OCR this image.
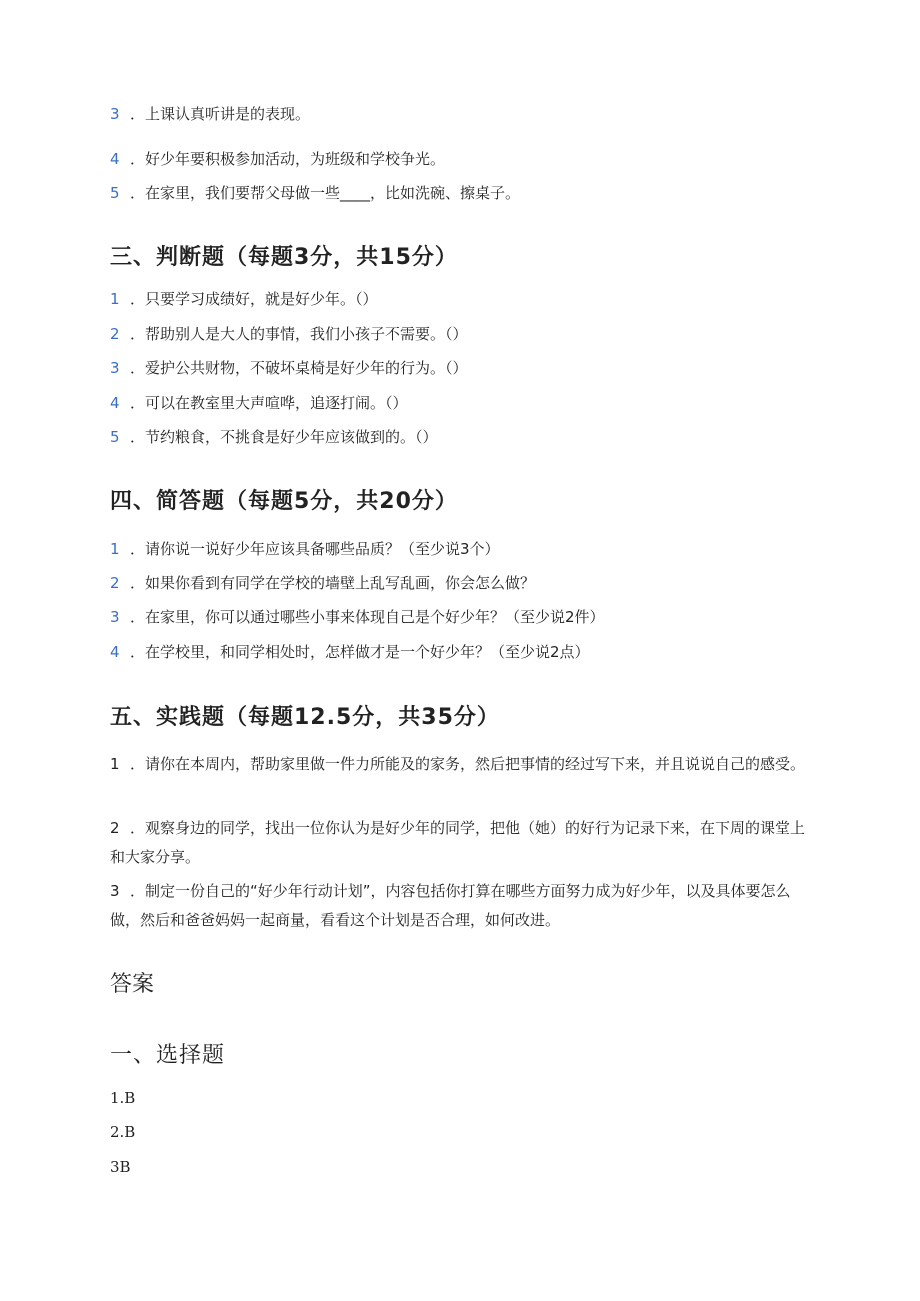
3 ．上课认真听讲是的表现。
4 ．好少年要积极参加活动，为班级和学校争光。
5 ．在家里，我们要帮父母做一些____，比如洗碗、擦桌子。
三、判断题（每题3分，共15分）
1 ．只要学习成绩好，就是好少年。（）
2 ．帮助别人是大人的事情，我们小孩子不需要。（）
3 ．爱护公共财物，不破坏桌椅是好少年的行为。（）
4 ．可以在教室里大声喧哗，追逐打闹。（）
5 ．节约粮食，不挑食是好少年应该做到的。（）
四、简答题（每题5分，共20分）
1 ．请你说一说好少年应该具备哪些品质？（至少说3个）
2 ．如果你看到有同学在学校的墙壁上乱写乱画，你会怎么做？
3 ．在家里，你可以通过哪些小事来体现自己是个好少年？（至少说2件）
4 ．在学校里，和同学相处时，怎样做才是一个好少年？（至少说2点）
五、实践题（每题12.5分，共35分）
1 ．请你在本周内，帮助家里做一件力所能及的家务，然后把事情的经过写下来，并且说说自己的感受。
2 ．观察身边的同学，找出一位你认为是好少年的同学，把他（她）的好行为记录下来，在下周的课堂上和大家分享。
3 ．制定一份自己的“好少年行动计划”，内容包括你打算在哪些方面努力成为好少年，以及具体要怎么做，然后和爸爸妈妈一起商量，看看这个计划是否合理，如何改进。
答案
一、选择题
1.B
2.B
3B
